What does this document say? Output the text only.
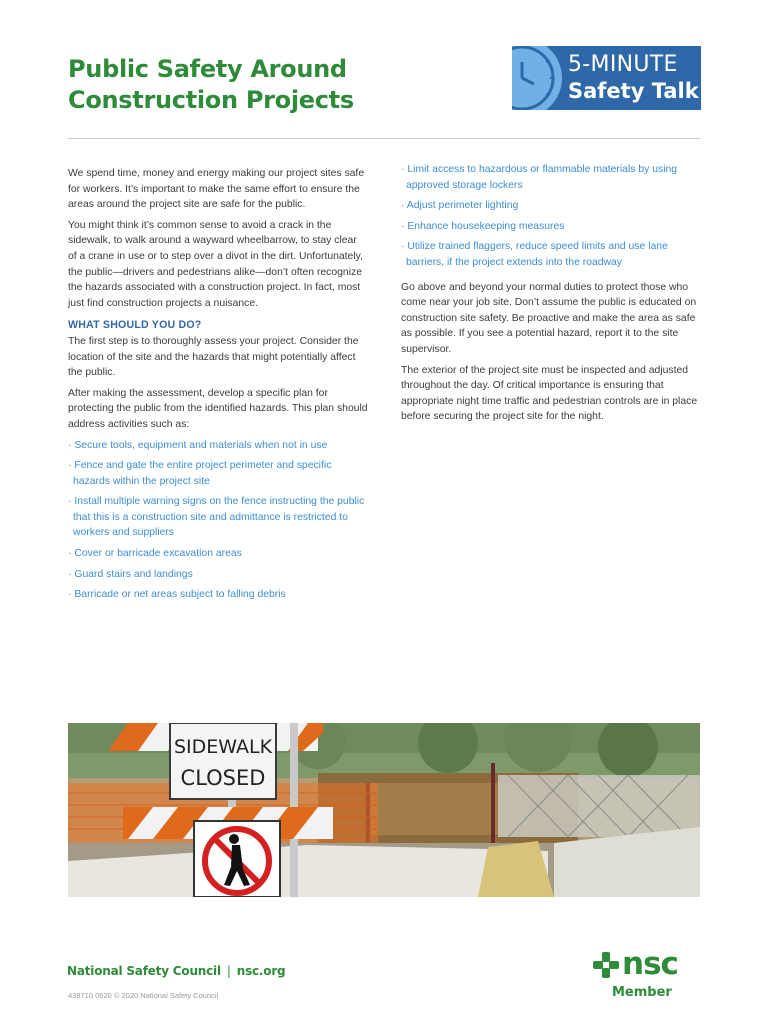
Public Safety Around Construction Projects
5-MINUTE
Safety Talk

We spend time, money and energy making our project sites safe for workers. It’s important to make the same effort to ensure the areas around the project site are safe for the public.

You might think it’s common sense to avoid a crack in the sidewalk, to walk around a wayward wheelbarrow, to stay clear of a crane in use or to step over a divot in the dirt. Unfortunately, the public—drivers and pedestrians alike—don’t often recognize the hazards associated with a construction project. In fact, most just find construction projects a nuisance.

WHAT SHOULD YOU DO?

The first step is to thoroughly assess your project. Consider the location of the site and the hazards that might potentially affect the public.

After making the assessment, develop a specific plan for protecting the public from the identified hazards. This plan should address activities such as:

· Secure tools, equipment and materials when not in use
· Fence and gate the entire project perimeter and specific hazards within the project site
· Install multiple warning signs on the fence instructing the public that this is a construction site and admittance is restricted to workers and suppliers
· Cover or barricade excavation areas
· Guard stairs and landings
· Barricade or net areas subject to falling debris
· Limit access to hazardous or flammable materials by using approved storage lockers
· Adjust perimeter lighting
· Enhance housekeeping measures
· Utilize trained flaggers, reduce speed limits and use lane barriers, if the project extends into the roadway

Go above and beyond your normal duties to protect those who come near your job site. Don’t assume the public is educated on construction site safety. Be proactive and make the area as safe as possible. If you see a potential hazard, report it to the site supervisor.

The exterior of the project site must be inspected and adjusted throughout the day. Of critical importance is ensuring that appropriate night time traffic and pedestrian controls are in place before securing the project site for the night.

SIDEWALK
CLOSED
National Safety Council | nsc.org
438710 0620 © 2020 National Safety Council
nsc
Member
